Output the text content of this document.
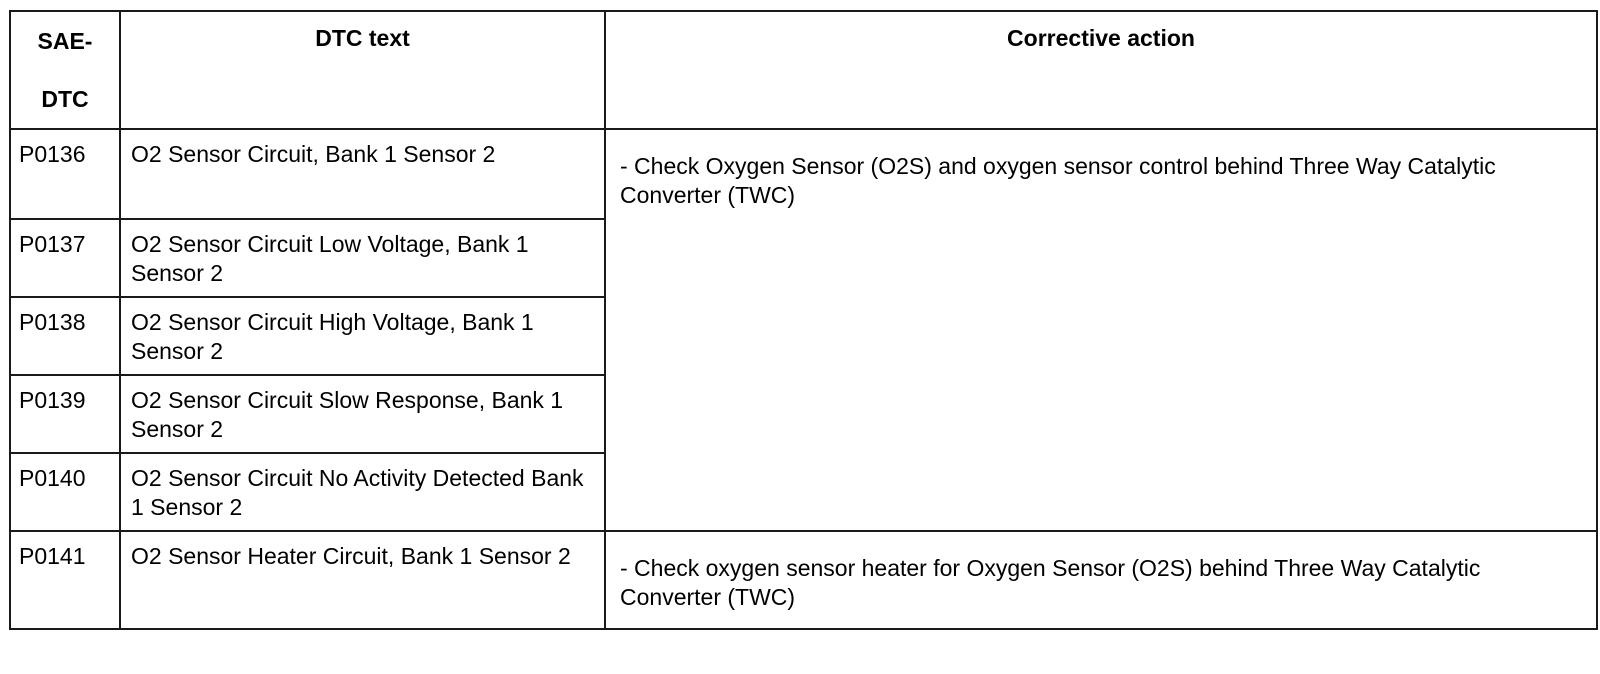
SAE-
DTC	DTC text	Corrective action
P0136	O2 Sensor Circuit, Bank 1 Sensor 2	- Check Oxygen Sensor (O2S) and oxygen sensor control behind Three Way Catalytic Converter (TWC)
P0137	O2 Sensor Circuit Low Voltage, Bank 1 Sensor 2	
P0138	O2 Sensor Circuit High Voltage, Bank 1 Sensor 2	
P0139	O2 Sensor Circuit Slow Response, Bank 1 Sensor 2	
P0140	O2 Sensor Circuit No Activity Detected Bank 1 Sensor 2	
P0141	O2 Sensor Heater Circuit, Bank 1 Sensor 2	- Check oxygen sensor heater for Oxygen Sensor (O2S) behind Three Way Catalytic Converter (TWC)
